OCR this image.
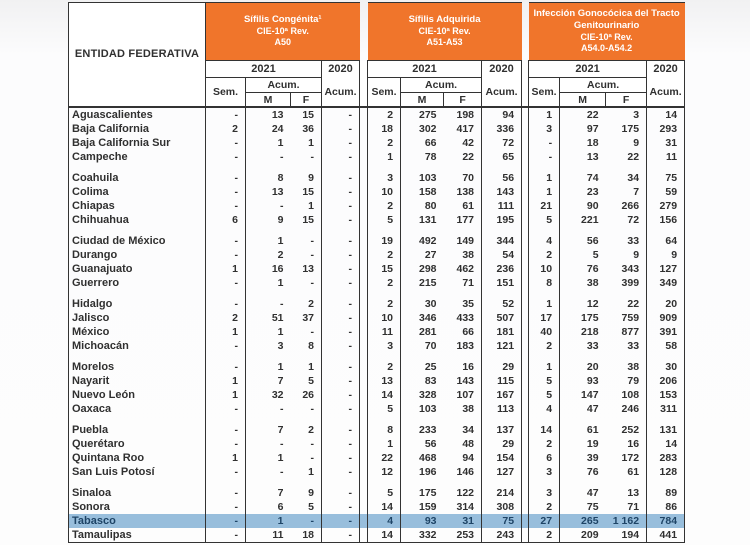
ENTIDAD FEDERATIVA	
Sífilis Congénita¹
CIE-10ª Rev.
A50

Sífilis Adquirida
CIE-10ª Rev.
A51-A53

Infección Gonocócica del Tracto Genitourinario
CIE-10ª Rev.
A54.0-A54.2

	2021			2020		2021			2020		2021			2020
	Sem.	Acum.		Acum.		Sem.	Acum.		Acum.		Sem.	Acum.		Acum.
		M	F				M	F				M	F	
Aguascalientes	-	13	15	-		2	275	198	94		1	22	3	14
Baja California	2	24	36	-		18	302	417	336		3	97	175	293
Baja California Sur	-	1	1	-		2	66	42	72		-	18	9	31
Campeche	-	-	-	-		1	78	22	65		-	13	22	11

Coahuila	-	8	9	-		3	103	70	56		1	74	34	75
Colima	-	13	15	-		10	158	138	143		1	23	7	59
Chiapas	-	-	1	-		2	80	61	111		21	90	266	279
Chihuahua	6	9	15	-		5	131	177	195		5	221	72	156

Ciudad de México	-	1	-	-		19	492	149	344		4	56	33	64
Durango	-	2	-	-		2	27	38	54		2	5	9	9
Guanajuato	1	16	13	-		15	298	462	236		10	76	343	127
Guerrero	-	1	-	-		2	215	71	151		8	38	399	349

Hidalgo	-	-	2	-		2	30	35	52		1	12	22	20
Jalisco	2	51	37	-		10	346	433	507		17	175	759	909
México	1	1	-	-		11	281	66	181		40	218	877	391
Michoacán	-	3	8	-		3	70	183	121		2	33	33	58

Morelos	-	1	1	-		2	25	16	29		1	20	38	30
Nayarit	1	7	5	-		13	83	143	115		5	93	79	206
Nuevo León	1	32	26	-		14	328	107	167		5	147	108	153
Oaxaca	-	-	-	-		5	103	38	113		4	47	246	311

Puebla	-	7	2	-		8	233	34	137		14	61	252	131
Querétaro	-	-	-	-		1	56	48	29		2	19	16	14
Quintana Roo	1	1	-	-		22	468	94	154		6	39	172	283
San Luis Potosí	-	-	1	-		12	196	146	127		3	76	61	128

Sinaloa	-	7	9	-		5	175	122	214		3	47	13	89
Sonora	-	6	5	-		14	159	314	308		2	75	71	86
Tabasco	-	1	-	-		4	93	31	75		27	265	1 162	784
Tamaulipas	-	11	18	-		14	332	253	243		2	209	194	441
